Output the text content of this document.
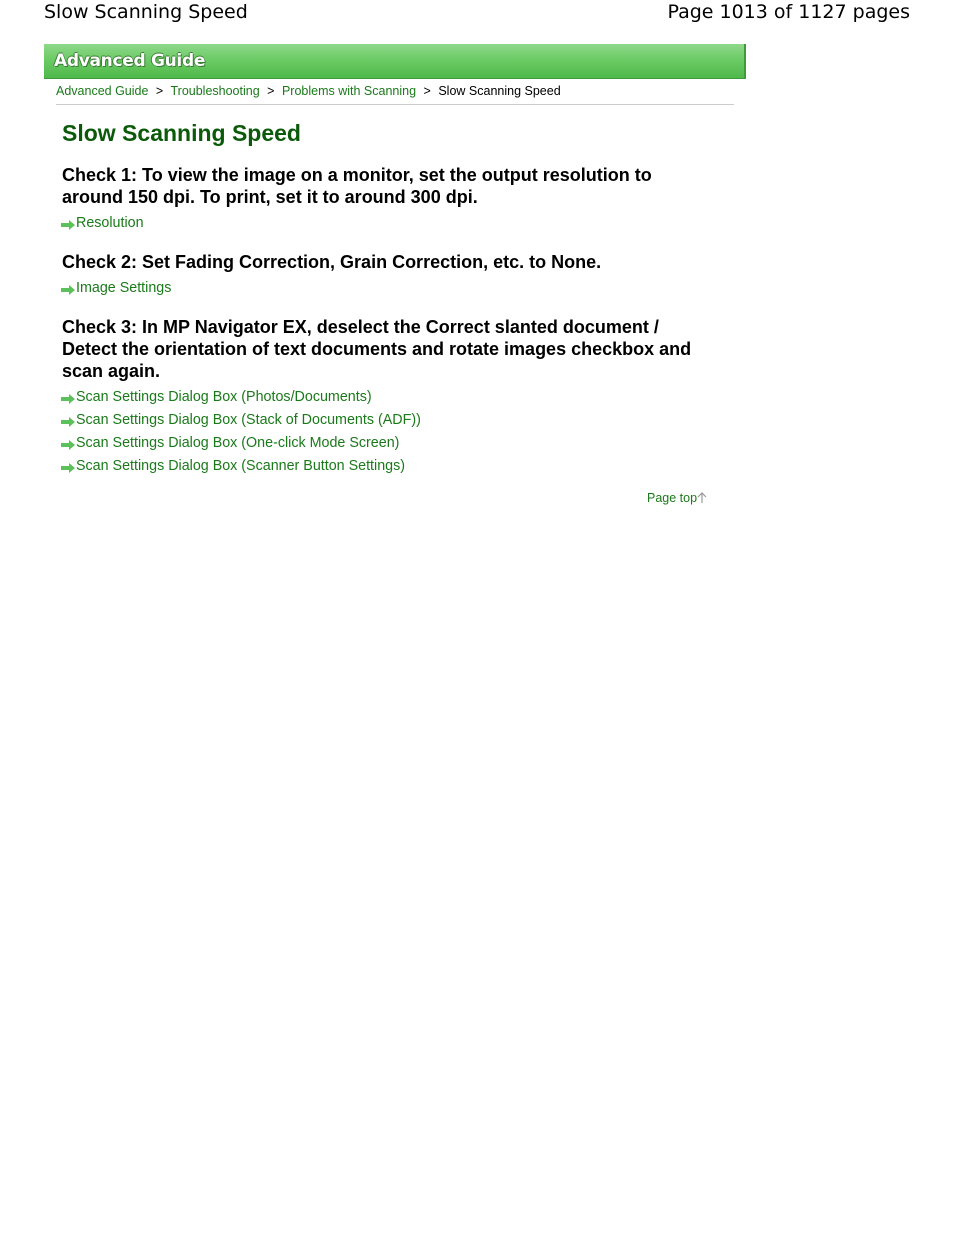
Slow Scanning Speed	Page 1013 of 1127 pages
Advanced Guide
Advanced Guide > Troubleshooting > Problems with Scanning > Slow Scanning Speed
Slow Scanning Speed
Check 1: To view the image on a monitor, set the output resolution to
around 150 dpi. To print, set it to around 300 dpi.
Resolution
Check 2: Set Fading Correction, Grain Correction, etc. to None.
Image Settings
Check 3: In MP Navigator EX, deselect the Correct slanted document /
Detect the orientation of text documents and rotate images checkbox and
scan again.
Scan Settings Dialog Box (Photos/Documents)
Scan Settings Dialog Box (Stack of Documents (ADF))
Scan Settings Dialog Box (One-click Mode Screen)
Scan Settings Dialog Box (Scanner Button Settings)
Page top
